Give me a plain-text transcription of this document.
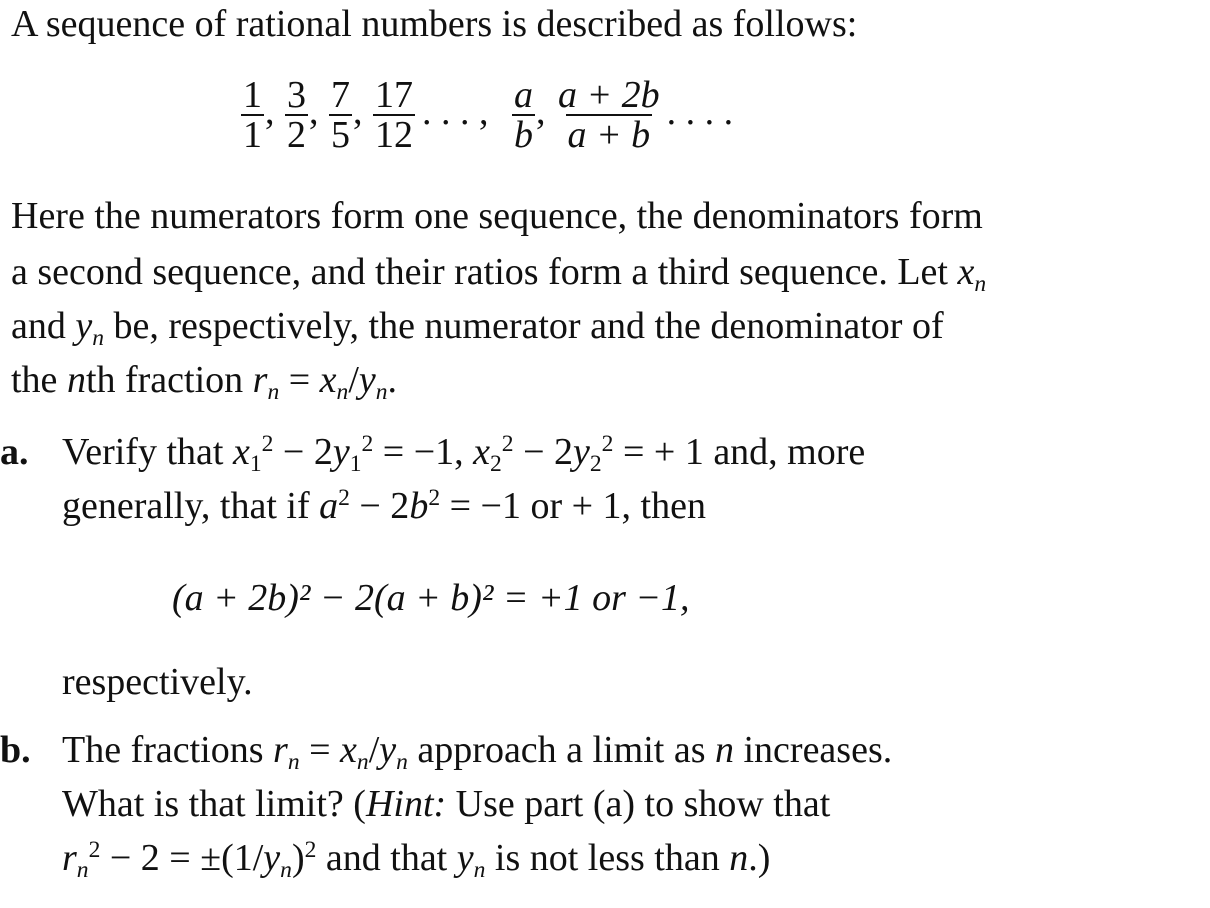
A sequence of rational numbers is described as follows:
$\frac{1}{1}$ , $\frac{3}{2}$ , $\frac{7}{5}$ , $\frac{17}{12}$ . . . , $\frac{a}{b}$ , $\frac{a + 2b}{a + b}$ . . . .
Here the numerators form one sequence, the denominators form
a second sequence, and their ratios form a third sequence. Let xn
and yn be, respectively, the numerator and the denominator of
the nth fraction rn = xn/yn.
a. Verify that $x1^2 - 2y1^2 = -1$, $x2^2 - 2y2^2$ = + 1 and, more
generally, that if $a^2 - 2b^2 = -1$ or + 1, then
(a + 2b)² − 2(a + b)² = +1 or −1,
respectively.
b. The fractions rn = xn/yn approach a limit as n increases.
What is that limit? (Hint: Use part (a) to show that
$rn^2 - 2 = \pm(1/yn)^2$ and that yn is not less than n.)
